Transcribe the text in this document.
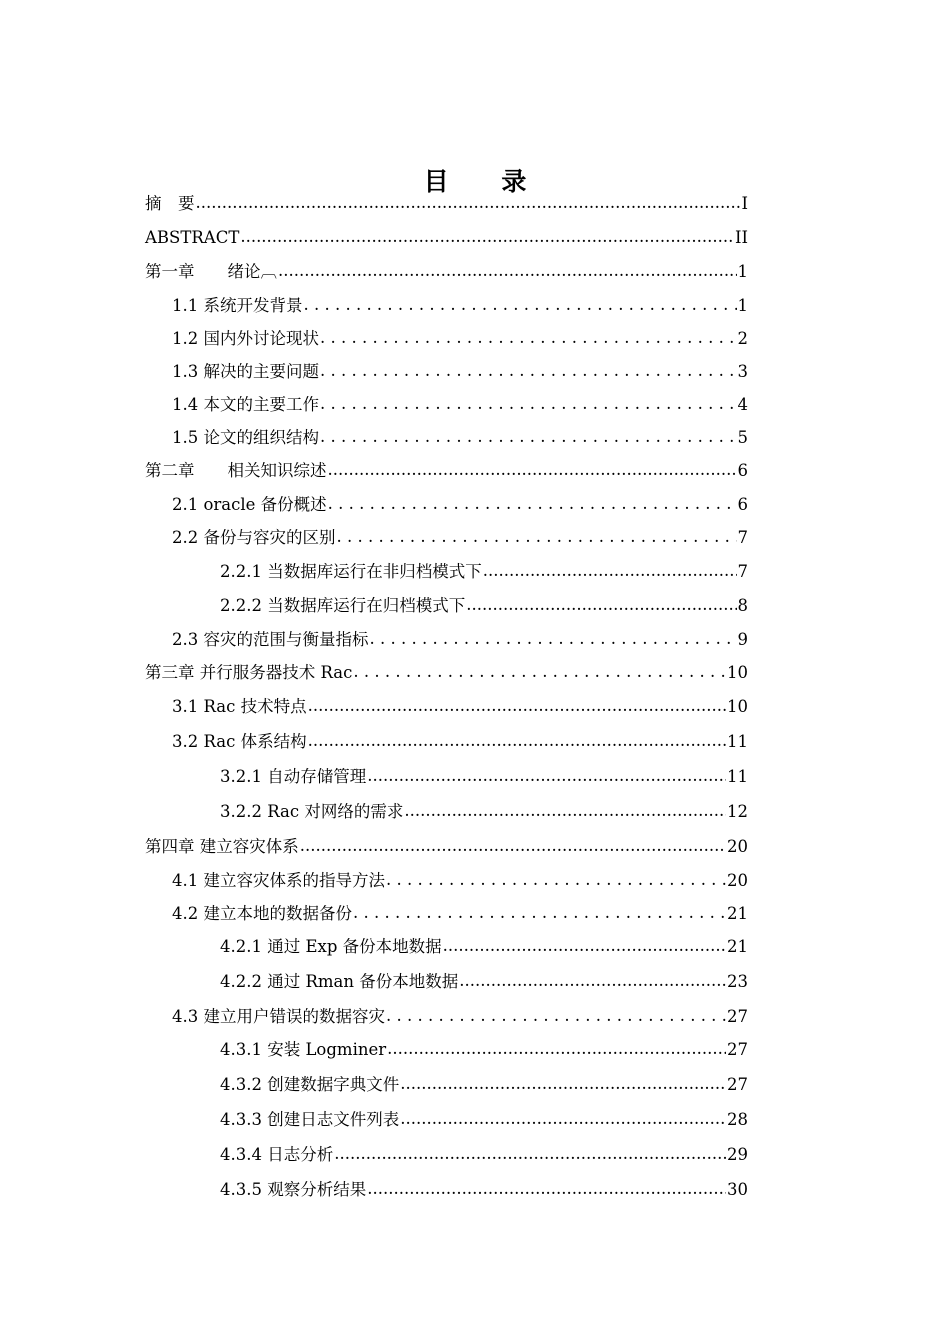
目 录
摘　要 .....	I
ABSTRACT .....	II
第一章　　绪论︹ .....	1
1.1 系统开发背景 . . .	1
1.2 国内外讨论现状 . . .	2
1.3 解决的主要问题 . . .	3
1.4 本文的主要工作 . . .	4
1.5 论文的组织结构 . . .	5
第二章　　相关知识综述 .....	6
2.1 oracle 备份概述 . . .	6
2.2 备份与容灾的区别 . . .	7
2.2.1 当数据库运行在非归档模式下 .....	7
2.2.2 当数据库运行在归档模式下 .....	8
2.3 容灾的范围与衡量指标 . . .	9
第三章 并行服务器技术 Rac . . .	10
3.1 Rac 技术特点 .....	10
3.2 Rac 体系结构 .....	11
3.2.1 自动存储管理 .....	11
3.2.2 Rac 对网络的需求 .....	12
第四章 建立容灾体系 .....	20
4.1 建立容灾体系的指导方法 . . .	20
4.2 建立本地的数据备份 . . .	21
4.2.1 通过 Exp 备份本地数据 .....	21
4.2.2 通过 Rman 备份本地数据 .....	23
4.3 建立用户错误的数据容灾 . . .	27
4.3.1 安装 Logminer .....	27
4.3.2 创建数据字典文件 .....	27
4.3.3 创建日志文件列表 .....	28
4.3.4 日志分析 .....	29
4.3.5 观察分析结果 .....	30
